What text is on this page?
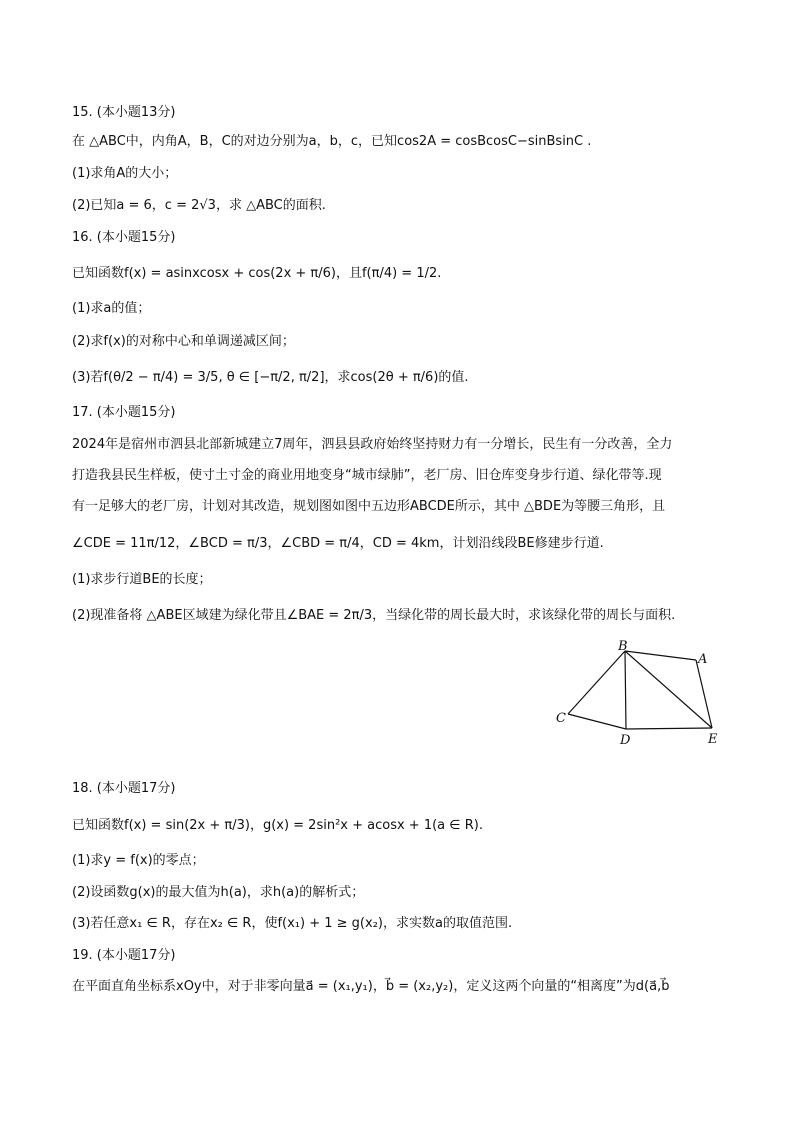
15. (本小题13分)
在 △ABC中，内角A，B，C的对边分别为a，b，c，已知cos2A = cosBcosC−sinBsinC .
(1)求角A的大小；
(2)已知a = 6，c = 2√3，求 △ABC的面积.
16. (本小题15分)
已知函数f(x) = asinxcosx + cos(2x + π/6)，且f(π/4) = 1/2.
(1)求a的值；
(2)求f(x)的对称中心和单调递减区间；
(3)若f(θ/2 − π/4) = 3/5, θ ∈ [−π/2, π/2]，求cos(2θ + π/6)的值.
17. (本小题15分)
2024年是宿州市泗县北部新城建立7周年，泗县县政府始终坚持财力有一分增长，民生有一分改善，全力
打造我县民生样板，使寸土寸金的商业用地变身“城市绿肺”，老厂房、旧仓库变身步行道、绿化带等.现
有一足够大的老厂房，计划对其改造，规划图如图中五边形ABCDE所示，其中 △BDE为等腰三角形，且
∠CDE = 11π/12，∠BCD = π/3，∠CBD = π/4，CD = 4km，计划沿线段BE修建步行道.
(1)求步行道BE的长度；
(2)现准备将 △ABE区域建为绿化带且∠BAE = 2π/3，当绿化带的周长最大时，求该绿化带的周长与面积.
B
A
C
D	E
18. (本小题17分)
已知函数f(x) = sin(2x + π/3)，g(x) = 2sin²x + acosx + 1(a ∈ R).
(1)求y = f(x)的零点；
(2)设函数g(x)的最大值为h(a)，求h(a)的解析式；
(3)若任意x₁ ∈ R，存在x₂ ∈ R，使f(x₁) + 1 ≥ g(x₂)，求实数a的取值范围.
19. (本小题17分)
在平面直角坐标系xOy中，对于非零向量a⃗ = (x₁,y₁)，b⃗ = (x₂,y₂)，定义这两个向量的“相离度”为d(a⃗,b⃗
